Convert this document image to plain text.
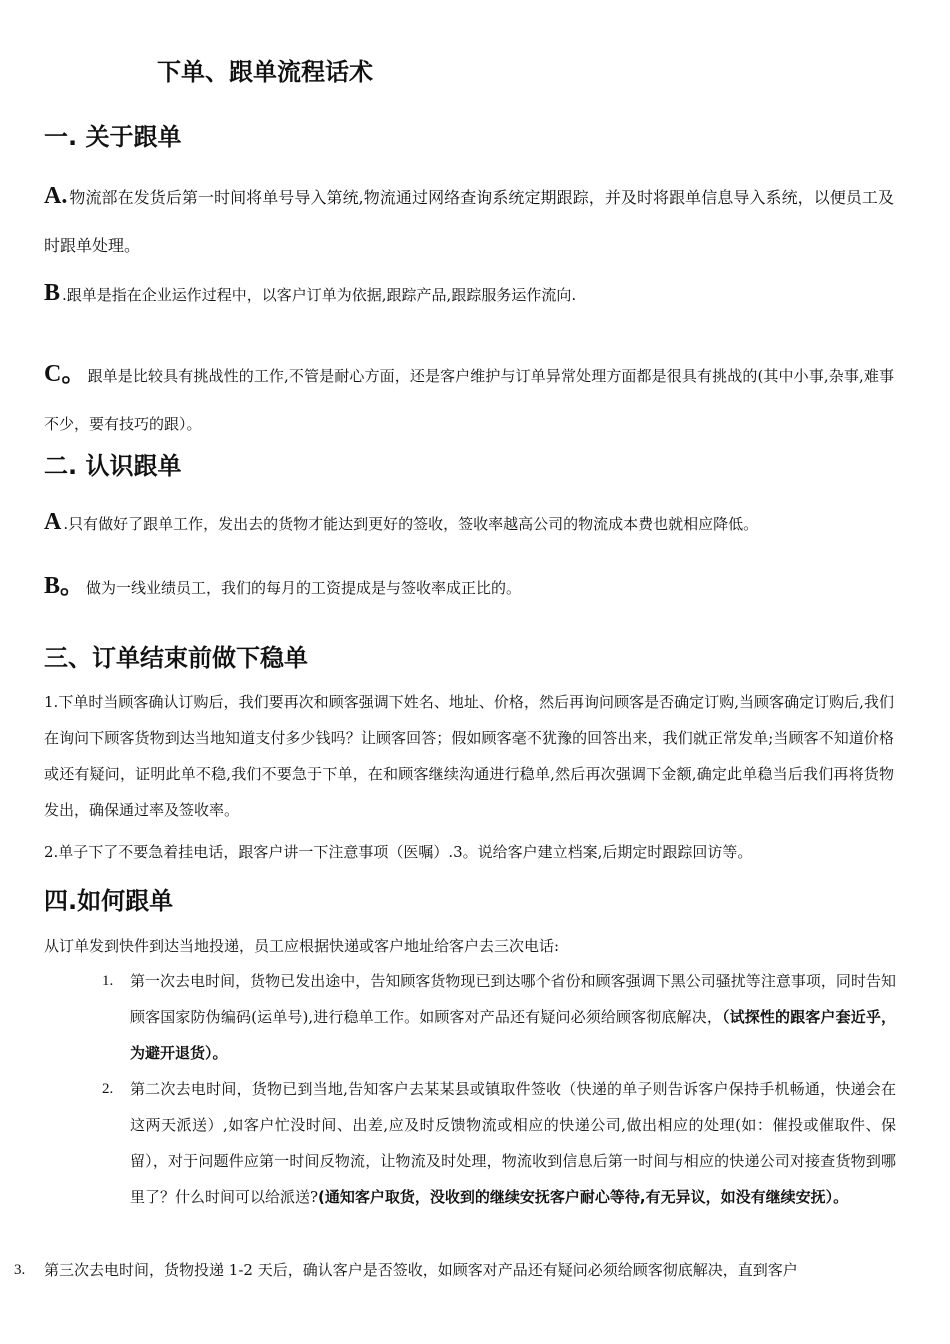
下单、跟单流程话术
一. 关于跟单
A. 物流部在发货后第一时间将单号导入第统,物流通过网络查询系统定期跟踪，并及时将跟单信息导入系统，以便员工及时跟单处理。
B .跟单是指在企业运作过程中，以客户订单为依据,跟踪产品,跟踪服务运作流向.
C。 跟单是比较具有挑战性的工作,不管是耐心方面，还是客户维护与订单异常处理方面都是很具有挑战的(其中小事,杂事,难事不少，要有技巧的跟）。
二. 认识跟单
A .只有做好了跟单工作，发出去的货物才能达到更好的签收，签收率越高公司的物流成本费也就相应降低。
B。 做为一线业绩员工，我们的每月的工资提成是与签收率成正比的。
三、订单结束前做下稳单
1.下单时当顾客确认订购后，我们要再次和顾客强调下姓名、地址、价格，然后再询问顾客是否确定订购,当顾客确定订购后,我们在询问下顾客货物到达当地知道支付多少钱吗？让顾客回答；假如顾客毫不犹豫的回答出来，我们就正常发单;当顾客不知道价格或还有疑问，证明此单不稳,我们不要急于下单，在和顾客继续沟通进行稳单,然后再次强调下金额,确定此单稳当后我们再将货物发出，确保通过率及签收率。
2.单子下了不要急着挂电话，跟客户讲一下注意事项（医嘱）.3。说给客户建立档案,后期定时跟踪回访等。
四.如何跟单
从订单发到快件到达当地投递，员工应根据快递或客户地址给客户去三次电话:
1. 第一次去电时间，货物已发出途中，告知顾客货物现已到达哪个省份和顾客强调下黑公司骚扰等注意事项，同时告知顾客国家防伪编码(运单号),进行稳单工作。如顾客对产品还有疑问必须给顾客彻底解决，（试探性的跟客户套近乎，为避开退货）。
2. 第二次去电时间，货物已到当地,告知客户去某某县或镇取件签收（快递的单子则告诉客户保持手机畅通，快递会在这两天派送）,如客户忙没时间、出差,应及时反馈物流或相应的快递公司,做出相应的处理(如：催投或催取件、保留），对于问题件应第一时间反物流，让物流及时处理，物流收到信息后第一时间与相应的快递公司对接查货物到哪里了？什么时间可以给派送?(通知客户取货，没收到的继续安抚客户耐心等待,有无异议，如没有继续安抚）。
3. 第三次去电时间，货物投递 1-2 天后，确认客户是否签收，如顾客对产品还有疑问必须给顾客彻底解决，直到客户
